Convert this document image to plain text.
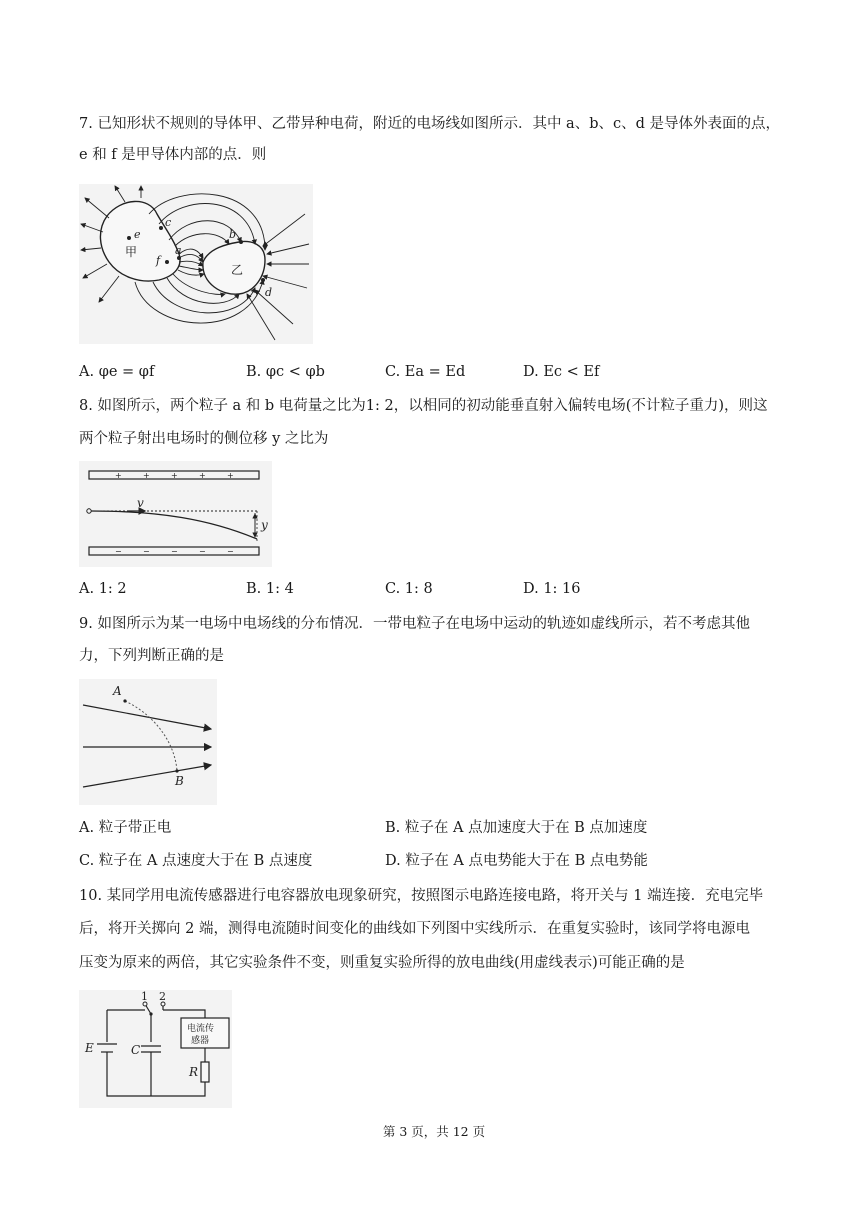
7. 已知形状不规则的导体甲、乙带异种电荷，附近的电场线如图所示．其中 a、b、c、d 是导体外表面的点，
e 和 f 是甲导体内部的点．则
e
f
a
c
b
d
甲
乙
A. φe = φf	B. φc < φb	C. Ea = Ed	D. Ec < Ef
8. 如图所示，两个粒子 a 和 b 电荷量之比为1: 2，以相同的初动能垂直射入偏转电场(不计粒子重力)，则这
两个粒子射出电场时的侧位移 y 之比为
+	+	+	+	+
−	−	−	−	−
v
y
A. 1: 2	B. 1: 4	C. 1: 8	D. 1: 16
9. 如图所示为某一电场中电场线的分布情况．一带电粒子在电场中运动的轨迹如虚线所示，若不考虑其他
力，下列判断正确的是
A
B
A. 粒子带正电	B. 粒子在 A 点加速度大于在 B 点加速度
C. 粒子在 A 点速度大于在 B 点速度	D. 粒子在 A 点电势能大于在 B 点电势能
10. 某同学用电流传感器进行电容器放电现象研究，按照图示电路连接电路，将开关与 1 端连接．充电完毕
后，将开关掷向 2 端，测得电流随时间变化的曲线如下列图中实线所示．在重复实验时，该同学将电源电
压变为原来的两倍，其它实验条件不变，则重复实验所得的放电曲线(用虚线表示)可能正确的是
1 2
E	C
R
电流传
感器
第 3 页，共 12 页
